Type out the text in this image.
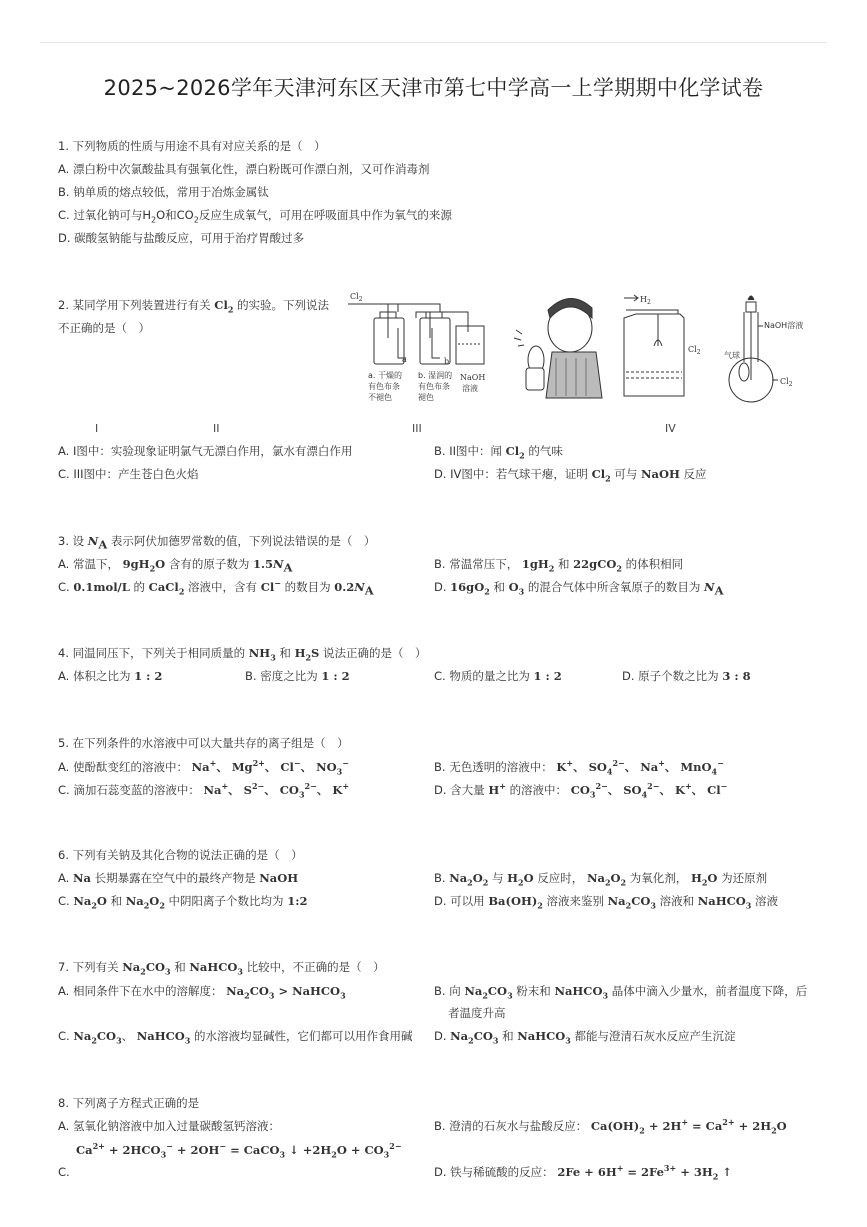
2025~2026学年天津河东区天津市第七中学高一上学期期中化学试卷
1. 下列物质的性质与用途不具有对应关系的是（　）
A. 漂白粉中次氯酸盐具有强氧化性，漂白粉既可作漂白剂，又可作消毒剂
B. 钠单质的熔点较低，常用于冶炼金属钛
C. 过氧化钠可与$H_2O$和$CO_2$反应生成氧气，可用在呼吸面具中作为氧气的来源
D. 碳酸氢钠能与盐酸反应，可用于治疗胃酸过多
2. 某同学用下列装置进行有关 $Cl_2$ 的实验。下列说法
不正确的是（　）
$Cl_2$
a	b
a. 干燥的
有色布条
不褪色
b. 湿润的
有色布条
褪色
NaOH
溶液
$H_2$
$Cl_2$
NaOH溶液
气球
$Cl_2$
I	II	III	IV
A. I图中：实验现象证明氯气无漂白作用，氯水有漂白作用	B. II图中：闻 $Cl_2$ 的气味
C. III图中：产生苍白色火焰	D. IV图中：若气球干瘪，证明 $Cl_2$ 可与 NaOH 反应
3. 设 $N_A$ 表示阿伏加德罗常数的值，下列说法错误的是（　）
A. 常温下， $9gH_2O$ 含有的原子数为 $1.5N_A$	B. 常温常压下， $1gH_2$ 和 22gCO$_2$ 的体积相同
C. 0.1mol/L 的 CaCl$_2$ 溶液中，含有 Cl− 的数目为 $0.2N_A$	D. $16gO_2$ 和 $O_3$ 的混合气体中所含氧原子的数目为 $N_A$
4. 同温同压下，下列关于相同质量的 $NH_3$ 和 $H_2S$ 说法正确的是（　）
A. 体积之比为 1 : 2	B. 密度之比为 1 : 2	C. 物质的量之比为 1 : 2	D. 原子个数之比为 3 : 8
5. 在下列条件的水溶液中可以大量共存的离子组是（　）
A. 使酚酞变红的溶液中： Na+、 $Mg^{2+}$、 Cl−、 $NO_3^-$	B. 无色透明的溶液中： K+、 $SO_4^{2-}$、 Na+、 MnO$_4$−
C. 滴加石蕊变蓝的溶液中： Na+、 $S^{2-}$、 $CO_3^{2-}$、 K+	D. 含大量 H+ 的溶液中： $CO_3^{2-}$、 $SO_4^{2-}$、 K+、 Cl−
6. 下列有关钠及其化合物的说法正确的是（　）
A. Na 长期暴露在空气中的最终产物是 NaOH	B. $Na_2O_2$ 与 $H_2O$ 反应时， $Na_2O_2$ 为氧化剂， $H_2O$ 为还原剂
C. $Na_2O$ 和 $Na_2O_2$ 中阴阳离子个数比均为 1:2	D. 可以用 $Ba(OH)_2$ 溶液来鉴别 $Na_2CO_3$ 溶液和 NaHCO$_3$ 溶液
7. 下列有关 $Na_2CO_3$ 和 NaHCO$_3$ 比较中，不正确的是（　）
A. 相同条件下在水中的溶解度： $Na_2CO_3$ > NaHCO$_3$	B. 向 $Na_2CO_3$ 粉末和 NaHCO$_3$ 晶体中滴入少量水，前者温度下降，后
者温度升高
C. $Na_2CO_3$、 NaHCO$_3$ 的水溶液均显碱性，它们都可以用作食用碱 D. $Na_2CO_3$ 和 NaHCO$_3$ 都能与澄清石灰水反应产生沉淀
8. 下列离子方程式正确的是
A. 氢氧化钠溶液中加入过量碳酸氢钙溶液：
$Ca^{2+} + 2HCO_3^- + 2OH^-$ = CaCO$_3$ ↓ $+2H_2O + CO_3^{2-}$
B. 澄清的石灰水与盐酸反应： $Ca(OH)_2 + 2H^+ = Ca^{2+} + 2H_2O$
C.	D. 铁与稀硫酸的反应： $2Fe + 6H^+ = 2Fe^{3+} + 3H_2$ ↑
